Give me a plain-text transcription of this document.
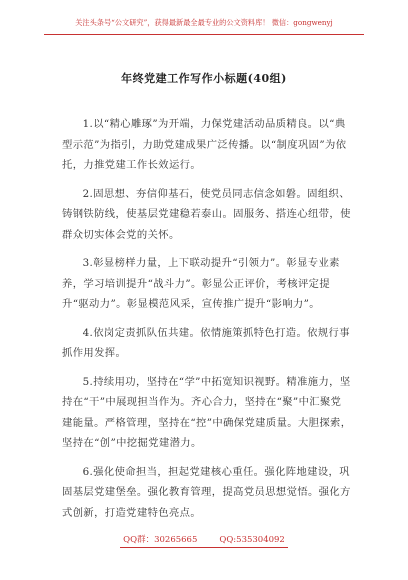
关注头条号“公文研究”，获得最新最全最专业的公文资料库！ 微信：gongwenyj
年终党建工作写作小标题(40组)

1.以“精心雕琢”为开端，力保党建活动品质精良。以“典型示范”为指引，力助党建成果广泛传播。以“制度巩固”为依托，力推党建工作长效运行。

2.固思想、夯信仰基石，使党员同志信念如磐。固组织、铸钢铁防线，使基层党建稳若泰山。固服务、搭连心纽带，使群众切实体会党的关怀。

3.彰显榜样力量，上下联动提升“引领力”。彰显专业素养，学习培训提升“战斗力”。彰显公正评价，考核评定提升“驱动力”。彰显模范风采，宣传推广提升“影响力”。

4.依岗定责抓队伍共建。依情施策抓特色打造。依规行事抓作用发挥。

5.持续用功，坚持在“学”中拓宽知识视野。精准施力，坚持在“干”中展现担当作为。齐心合力，坚持在“聚”中汇聚党建能量。严格管理，坚持在“控”中确保党建质量。大胆探索，坚持在“创”中挖掘党建潜力。

6.强化使命担当，担起党建核心重任。强化阵地建设，巩固基层党建堡垒。强化教育管理，提高党员思想觉悟。强化方式创新，打造党建特色亮点。

QQ群：30265665	QQ:535304092
